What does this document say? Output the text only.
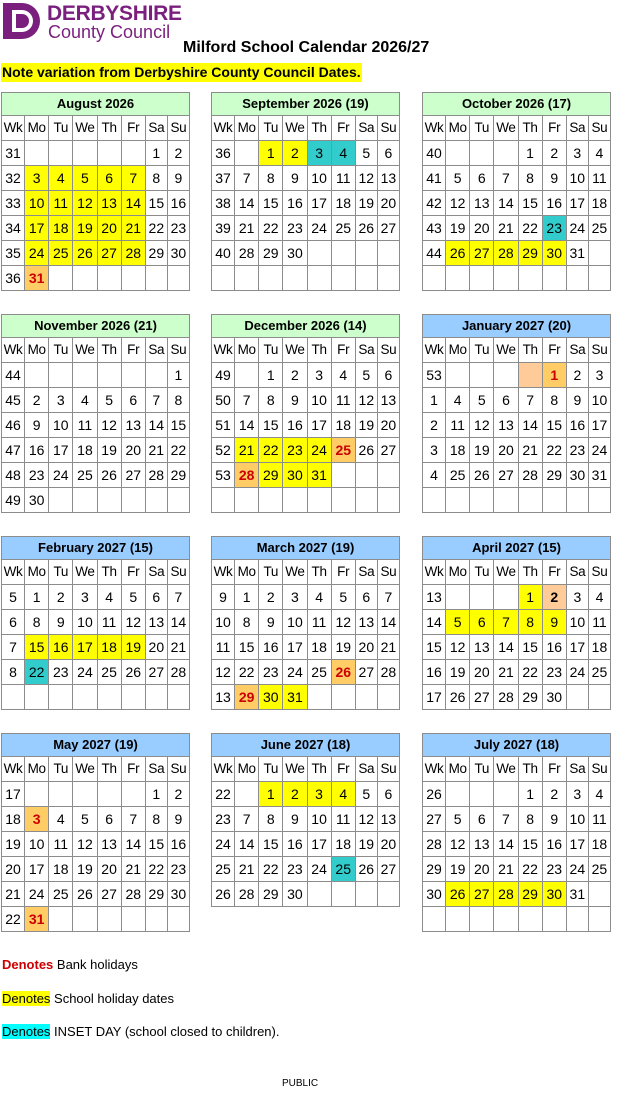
DERBYSHIRE
County Council
Milford School Calendar 2026/27
Note variation from Derbyshire County Council Dates.
August 2026							
Wk	Mo	Tu	We	Th	Fr	Sa	Su
31						1	2
32	3	4	5	6	7	8	9
33	10	11	12	13	14	15	16
34	17	18	19	20	21	22	23
35	24	25	26	27	28	29	30
36	31						
September 2026 (19)							
Wk	Mo	Tu	We	Th	Fr	Sa	Su
36		1	2	3	4	5	6
37	7	8	9	10	11	12	13
38	14	15	16	17	18	19	20
39	21	22	23	24	25	26	27
40	28	29	30				

October 2026 (17)							
Wk	Mo	Tu	We	Th	Fr	Sa	Su
40				1	2	3	4
41	5	6	7	8	9	10	11
42	12	13	14	15	16	17	18
43	19	20	21	22	23	24	25
44	26	27	28	29	30	31	

November 2026 (21)							
Wk	Mo	Tu	We	Th	Fr	Sa	Su
44							1
45	2	3	4	5	6	7	8
46	9	10	11	12	13	14	15
47	16	17	18	19	20	21	22
48	23	24	25	26	27	28	29
49	30						
December 2026 (14)							
Wk	Mo	Tu	We	Th	Fr	Sa	Su
49		1	2	3	4	5	6
50	7	8	9	10	11	12	13
51	14	15	16	17	18	19	20
52	21	22	23	24	25	26	27
53	28	29	30	31			

January 2027 (20)							
Wk	Mo	Tu	We	Th	Fr	Sa	Su
53					1	2	3
1	4	5	6	7	8	9	10
2	11	12	13	14	15	16	17
3	18	19	20	21	22	23	24
4	25	26	27	28	29	30	31

February 2027 (15)							
Wk	Mo	Tu	We	Th	Fr	Sa	Su
5	1	2	3	4	5	6	7
6	8	9	10	11	12	13	14
7	15	16	17	18	19	20	21
8	22	23	24	25	26	27	28

March 2027 (19)							
Wk	Mo	Tu	We	Th	Fr	Sa	Su
9	1	2	3	4	5	6	7
10	8	9	10	11	12	13	14
11	15	16	17	18	19	20	21
12	22	23	24	25	26	27	28
13	29	30	31				
April 2027 (15)							
Wk	Mo	Tu	We	Th	Fr	Sa	Su
13				1	2	3	4
14	5	6	7	8	9	10	11
15	12	13	14	15	16	17	18
16	19	20	21	22	23	24	25
17	26	27	28	29	30		
May 2027 (19)							
Wk	Mo	Tu	We	Th	Fr	Sa	Su
17						1	2
18	3	4	5	6	7	8	9
19	10	11	12	13	14	15	16
20	17	18	19	20	21	22	23
21	24	25	26	27	28	29	30
22	31						
June 2027 (18)							
Wk	Mo	Tu	We	Th	Fr	Sa	Su
22		1	2	3	4	5	6
23	7	8	9	10	11	12	13
24	14	15	16	17	18	19	20
25	21	22	23	24	25	26	27
26	28	29	30				
July 2027 (18)							
Wk	Mo	Tu	We	Th	Fr	Sa	Su
26				1	2	3	4
27	5	6	7	8	9	10	11
28	12	13	14	15	16	17	18
29	19	20	21	22	23	24	25
30	26	27	28	29	30	31	

Denotes Bank holidays
Denotes School holiday dates
Denotes INSET DAY (school closed to children).
PUBLIC
